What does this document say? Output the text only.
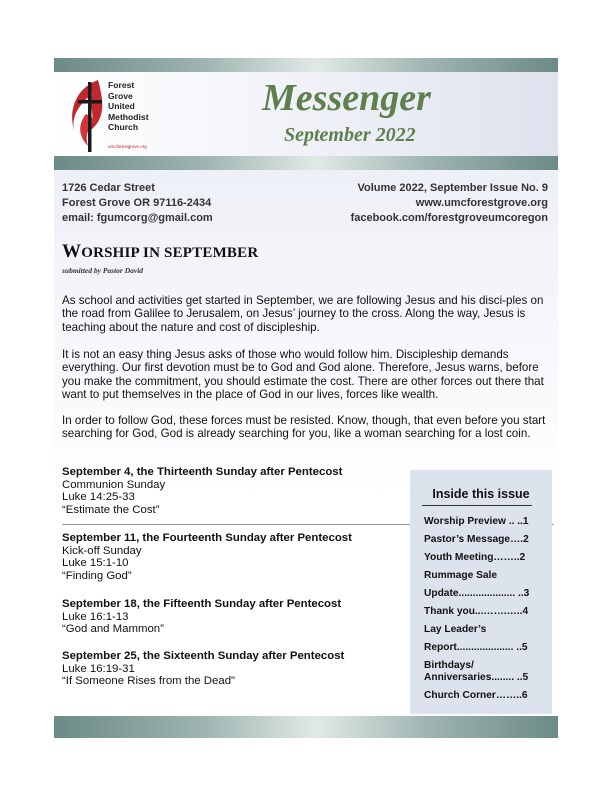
Forest
Grove
United
Methodist
Church
umcforestgrove.org
Messenger
September 2022
1726 Cedar Street
Forest Grove OR 97116-2434
email: fgumcorg@gmail.com
Volume 2022, September Issue No. 9
www.umcforestgrove.org
facebook.com/forestgroveumcoregon
WORSHIP IN SEPTEMBER
submitted by Pastor David

As school and activities get started in September, we are following Jesus and his disci-ples on the road from Galilee to Jerusalem, on Jesus’ journey to the cross. Along the way, Jesus is teaching about the nature and cost of discipleship.

It is not an easy thing Jesus asks of those who would follow him. Discipleship demands everything. Our first devotion must be to God and God alone. Therefore, Jesus warns, before you make the commitment, you should estimate the cost. There are other forces out there that want to put themselves in the place of God in our lives, forces like wealth.

In order to follow God, these forces must be resisted. Know, though, that even before you start searching for God, God is already searching for you, like a woman searching for a lost coin.

September 4, the Thirteenth Sunday after Pentecost
Communion Sunday
Luke 14:25-33
“Estimate the Cost”
September 11, the Fourteenth Sunday after Pentecost
Kick-off Sunday
Luke 15:1-10
“Finding God”
September 18, the Fifteenth Sunday after Pentecost
Luke 16:1-13
“God and Mammon”
September 25, the Sixteenth Sunday after Pentecost
Luke 16:19-31
“If Someone Rises from the Dead"
Inside this issue
Worship Preview .. ..1
Pastor’s Message….2
Youth Meeting……..2
Rummage Sale
Update.................... ..3
Thank you...…….…..4
Lay Leader’s
Report.................... ..5
Birthdays/
Anniversaries........ ..5
Church Corner……..6
